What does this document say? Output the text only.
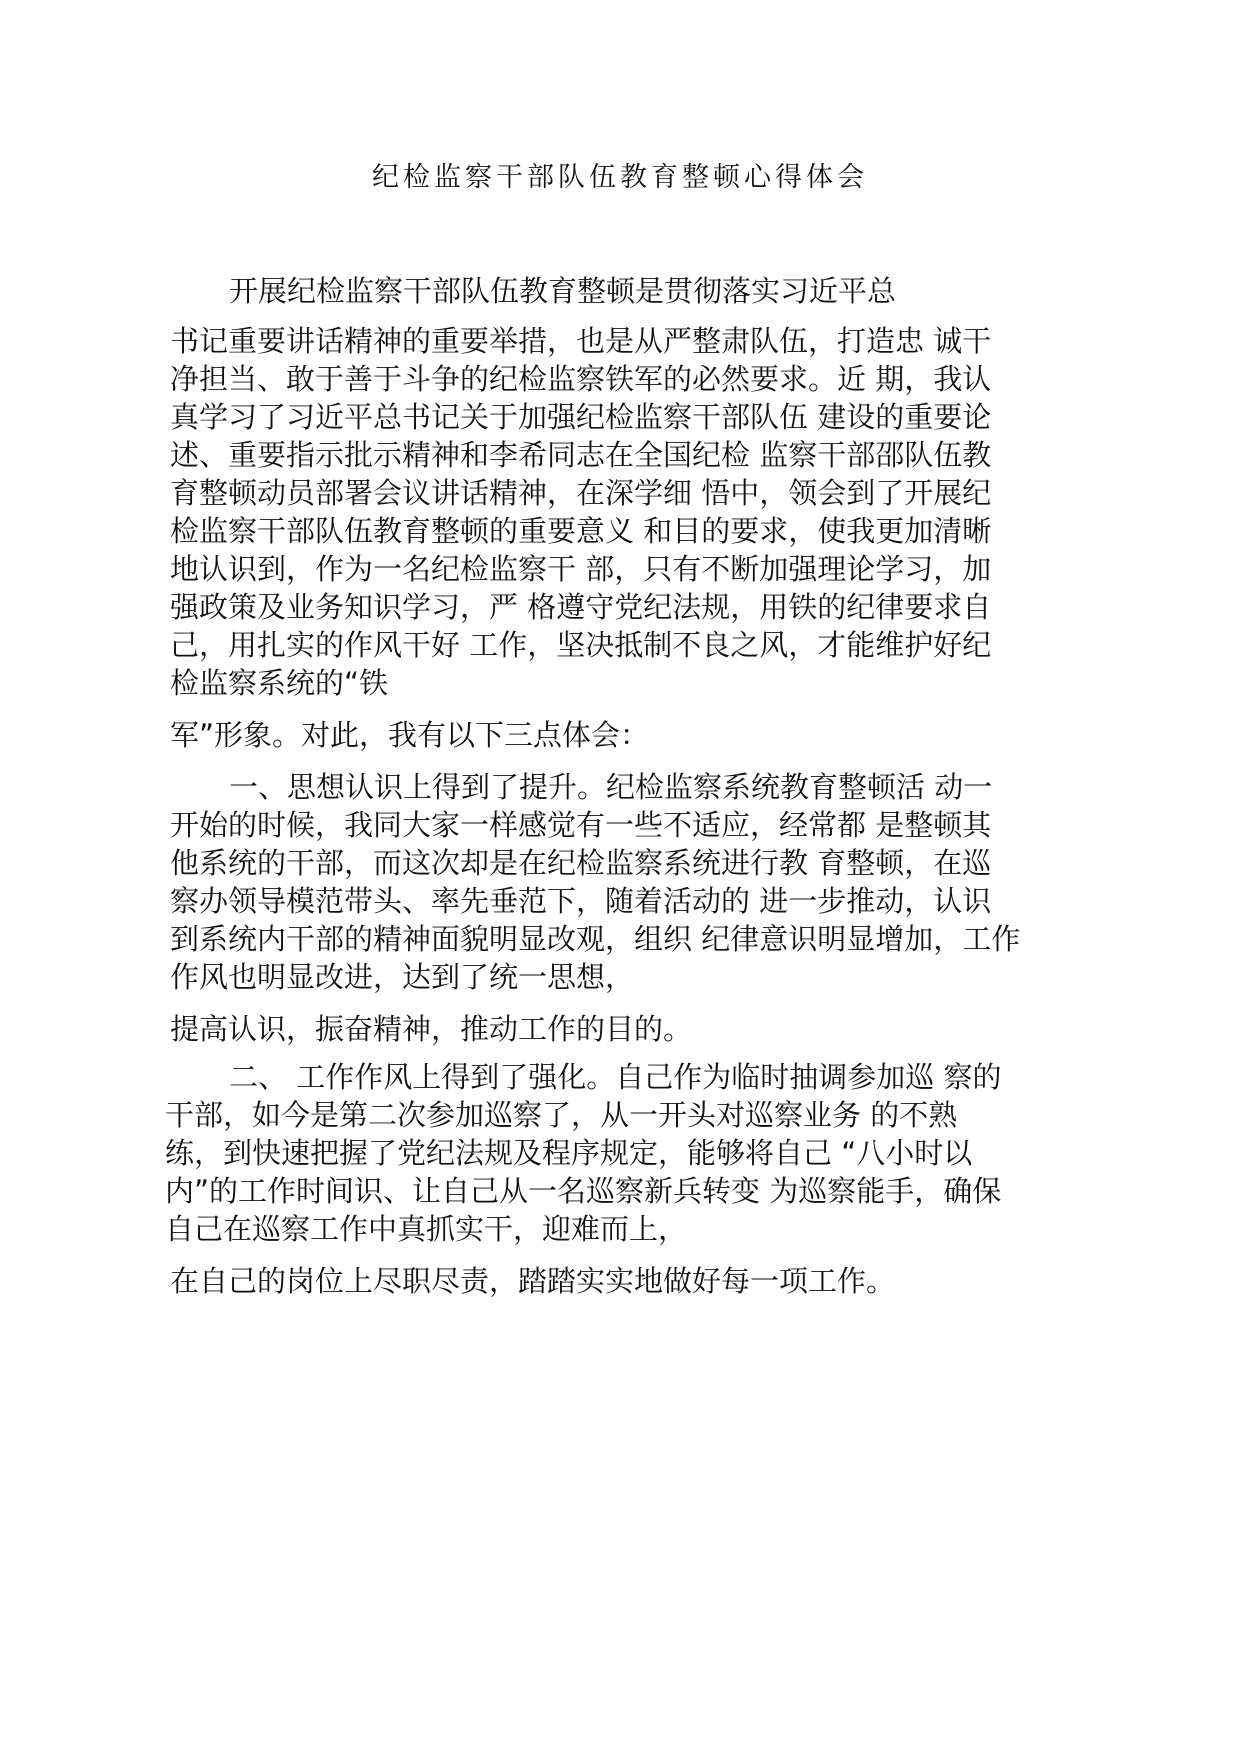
纪检监察干部队伍教育整顿心得体会
开展纪检监察干部队伍教育整顿是贯彻落实习近平总
书记重要讲话精神的重要举措，也是从严整肃队伍，打造忠 诚干
净担当、敢于善于斗争的纪检监察铁军的必然要求。近 期，我认
真学习了习近平总书记关于加强纪检监察干部队伍 建设的重要论
述、重要指示批示精神和李希同志在全国纪检 监察干部邵队伍教
育整顿动员部署会议讲话精神，在深学细 悟中，领会到了开展纪
检监察干部队伍教育整顿的重要意义 和目的要求，使我更加清晰
地认识到，作为一名纪检监察干 部，只有不断加强理论学习，加
强政策及业务知识学习，严 格遵守党纪法规，用铁的纪律要求自
己，用扎实的作风干好 工作，坚决抵制不良之风，才能维护好纪
检监察系统的“铁
军”形象。对此，我有以下三点体会：
一、思想认识上得到了提升。纪检监察系统教育整顿活 动一
开始的时候，我同大家一样感觉有一些不适应，经常都 是整顿其
他系统的干部，而这次却是在纪检监察系统进行教 育整顿，在巡
察办领导模范带头、率先垂范下，随着活动的 进一步推动，认识
到系统内干部的精神面貌明显改观，组织 纪律意识明显增加，工作
作风也明显改进，达到了统一思想，
提高认识，振奋精神，推动工作的目的。
二、 工作作风上得到了强化。自己作为临时抽调参加巡 察的
干部，如今是第二次参加巡察了，从一开头对巡察业务 的不熟
练，到快速把握了党纪法规及程序规定，能够将自己 “八小时以
内”的工作时间识、让自己从一名巡察新兵转变 为巡察能手，确保
自己在巡察工作中真抓实干，迎难而上，
在自己的岗位上尽职尽责，踏踏实实地做好每一项工作。
